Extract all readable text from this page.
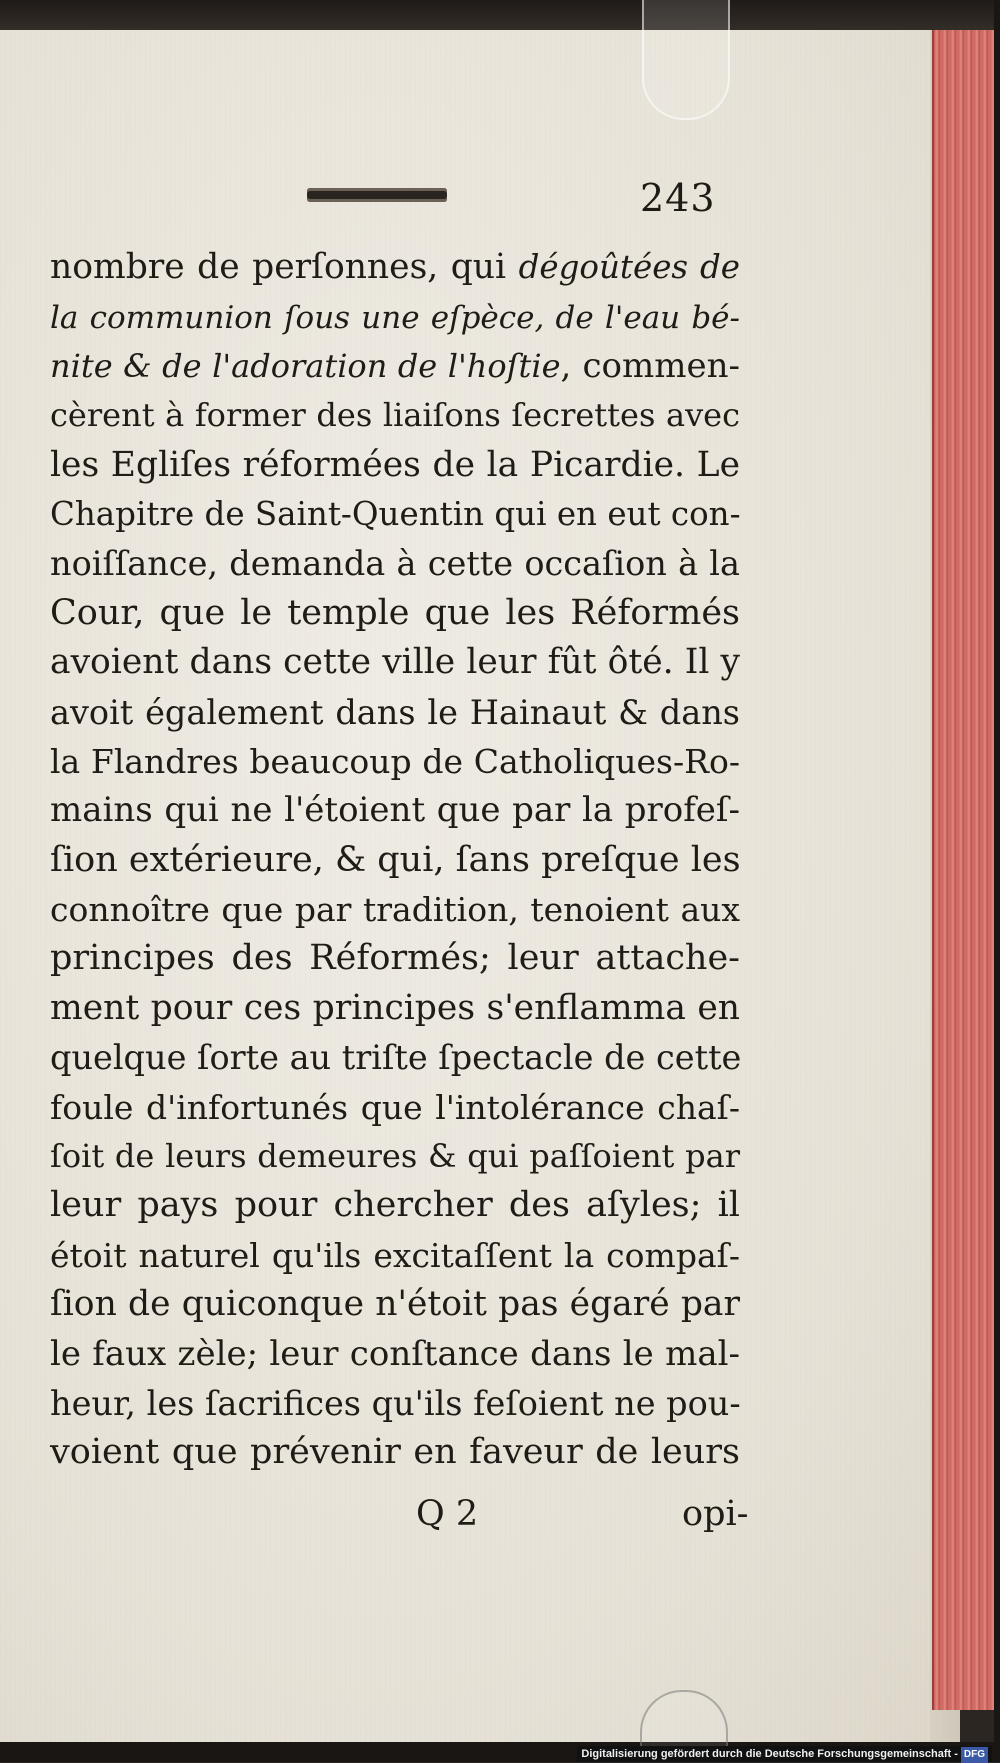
243
nombre de perſonnes, qui dégoûtées de
la communion ſous une eſpèce, de l'eau bé-
nite & de l'adoration de l'hoſtie, commen-
cèrent à former des liaiſons ſecrettes avec
les Egliſes réformées de la Picardie. Le
Chapitre de Saint-Quentin qui en eut con-
noiſſance, demanda à cette occaſion à la
Cour, que le temple que les Réformés
avoient dans cette ville leur fût ôté. Il y
avoit également dans le Hainaut & dans
la Flandres beaucoup de Catholiques-Ro-
mains qui ne l'étoient que par la profeſ-
ſion extérieure, & qui, ſans preſque les
connoître que par tradition, tenoient aux
principes des Réformés; leur attache-
ment pour ces principes s'enflamma en
quelque ſorte au triſte ſpectacle de cette
foule d'infortunés que l'intolérance chaſ-
ſoit de leurs demeures & qui paſſoient par
leur pays pour chercher des aſyles; il
étoit naturel qu'ils excitaſſent la compaſ-
ſion de quiconque n'étoit pas égaré par
le faux zèle; leur conſtance dans le mal-
heur, les ſacrifices qu'ils feſoient ne pou-
voient que prévenir en faveur de leurs
Q 2	opi-
Digitalisierung gefördert durch die Deutsche Forschungsgemeinschaft - DFG
